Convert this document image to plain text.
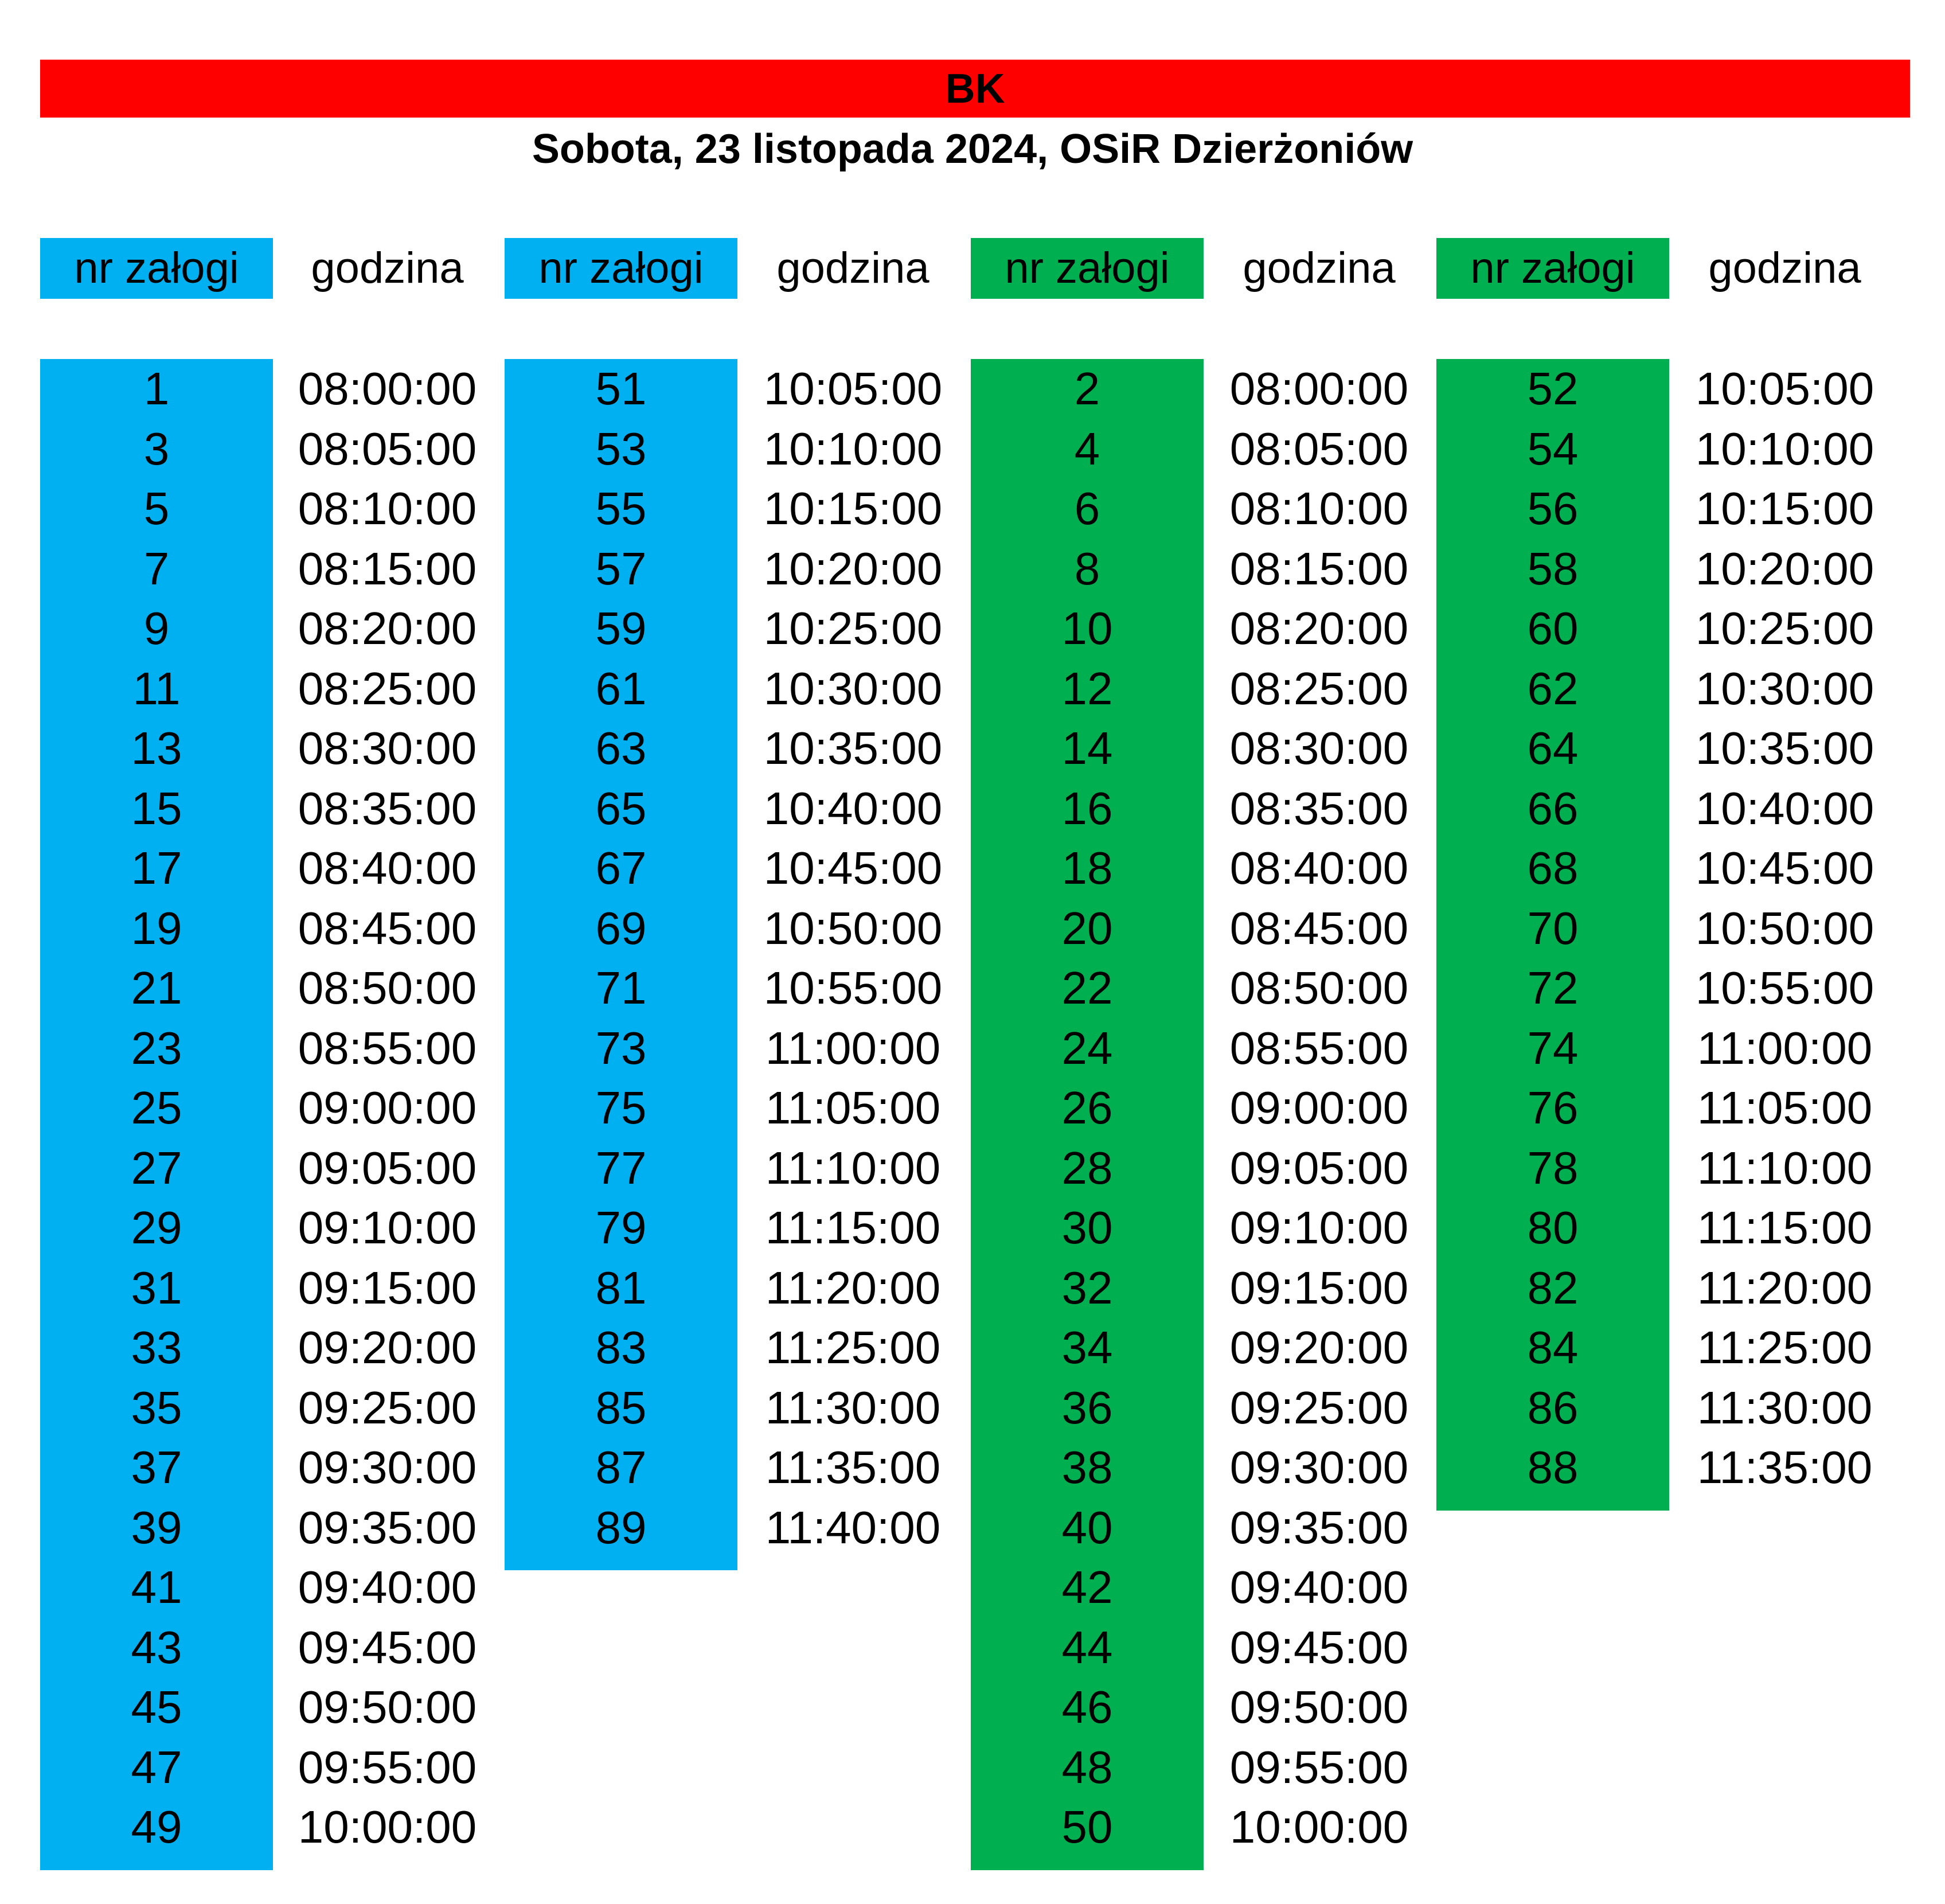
BK
Sobota, 23 listopada 2024, OSiR Dzierżoniów
nr załogi
1
3
5
7
9
11
13
15
17
19
21
23
25
27
29
31
33
35
37
39
41
43
45
47
49
godzina
08:00:00
08:05:00
08:10:00
08:15:00
08:20:00
08:25:00
08:30:00
08:35:00
08:40:00
08:45:00
08:50:00
08:55:00
09:00:00
09:05:00
09:10:00
09:15:00
09:20:00
09:25:00
09:30:00
09:35:00
09:40:00
09:45:00
09:50:00
09:55:00
10:00:00
nr załogi
51
53
55
57
59
61
63
65
67
69
71
73
75
77
79
81
83
85
87
89
godzina
10:05:00
10:10:00
10:15:00
10:20:00
10:25:00
10:30:00
10:35:00
10:40:00
10:45:00
10:50:00
10:55:00
11:00:00
11:05:00
11:10:00
11:15:00
11:20:00
11:25:00
11:30:00
11:35:00
11:40:00
nr załogi
2
4
6
8
10
12
14
16
18
20
22
24
26
28
30
32
34
36
38
40
42
44
46
48
50
godzina
08:00:00
08:05:00
08:10:00
08:15:00
08:20:00
08:25:00
08:30:00
08:35:00
08:40:00
08:45:00
08:50:00
08:55:00
09:00:00
09:05:00
09:10:00
09:15:00
09:20:00
09:25:00
09:30:00
09:35:00
09:40:00
09:45:00
09:50:00
09:55:00
10:00:00
nr załogi
52
54
56
58
60
62
64
66
68
70
72
74
76
78
80
82
84
86
88
godzina
10:05:00
10:10:00
10:15:00
10:20:00
10:25:00
10:30:00
10:35:00
10:40:00
10:45:00
10:50:00
10:55:00
11:00:00
11:05:00
11:10:00
11:15:00
11:20:00
11:25:00
11:30:00
11:35:00
